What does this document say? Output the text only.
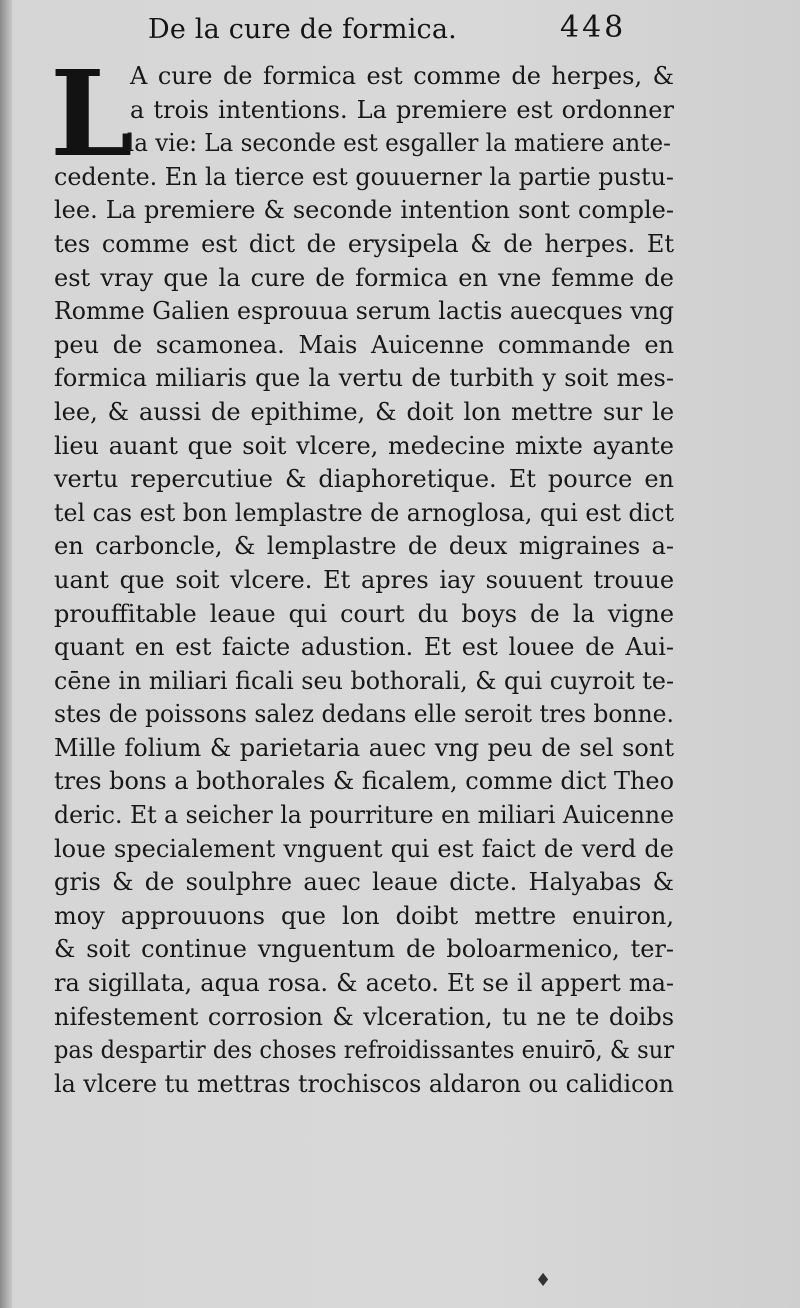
De la cure de formica.	448
L
A cure de formica est comme de herpes, &
a trois intentions. La premiere est ordonner
la vie: La seconde est esgaller la matiere ante-
cedente. En la tierce est gouuerner la partie pustu-
lee. La premiere & seconde intention sont comple-
tes comme est dict de erysipela & de herpes. Et
est vray que la cure de formica en vne femme de
Romme Galien esprouua serum lactis auecques vng
peu de scamonea. Mais Auicenne commande en
formica miliaris que la vertu de turbith y soit mes-
lee, & aussi de epithime, & doit lon mettre sur le
lieu auant que soit vlcere, medecine mixte ayante
vertu repercutiue & diaphoretique. Et pource en
tel cas est bon lemplastre de arnoglosa, qui est dict
en carboncle, & lemplastre de deux migraines a-
uant que soit vlcere. Et apres iay souuent trouue
prouffitable leaue qui court du boys de la vigne
quant en est faicte adustion. Et est louee de Aui-
cēne in miliari ficali seu bothorali, & qui cuyroit te-
stes de poissons salez dedans elle seroit tres bonne.
Mille folium & parietaria auec vng peu de sel sont
tres bons a bothorales & ficalem, comme dict Theo
deric. Et a seicher la pourriture en miliari Auicenne
loue specialement vnguent qui est faict de verd de
gris & de soulphre auec leaue dicte. Halyabas &
moy approuuons que lon doibt mettre enuiron,
& soit continue vnguentum de boloarmenico, ter-
ra sigillata, aqua rosa. & aceto. Et se il appert ma-
nifestement corrosion & vlceration, tu ne te doibs
pas despartir des choses refroidissantes enuirō, & sur
la vlcere tu mettras trochiscos aldaron ou calidicon
♦
